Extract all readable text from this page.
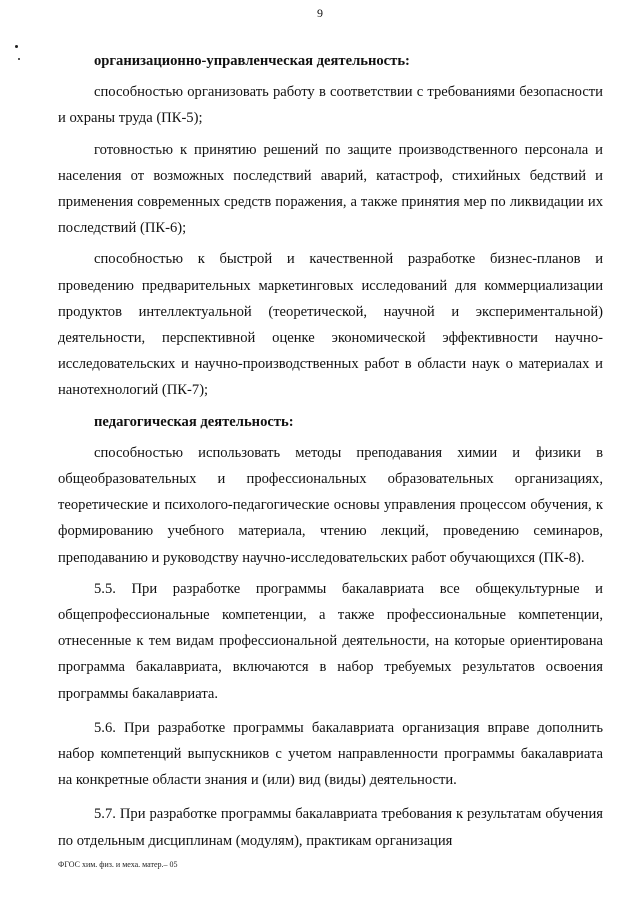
9

организационно-управленческая деятельность:

способностью организовать работу в соответствии с требованиями безопасности и охраны труда (ПК-5);

готовностью к принятию решений по защите производственного персонала и населения от возможных последствий аварий, катастроф, стихийных бедствий и применения современных средств поражения, а также принятия мер по ликвидации их последствий (ПК-6);

способностью к быстрой и качественной разработке бизнес-планов и проведению предварительных маркетинговых исследований для коммерциализации продуктов интеллектуальной (теоретической, научной и экспериментальной) деятельности, перспективной оценке экономической эффективности научно-исследовательских и научно-производственных работ в области наук о материалах и нанотехнологий (ПК-7);

педагогическая деятельность:

способностью использовать методы преподавания химии и физики в общеобразовательных и профессиональных образовательных организациях, теоретические и психолого-педагогические основы управления процессом обучения, к формированию учебного материала, чтению лекций, проведению семинаров, преподаванию и руководству научно-исследовательских работ обучающихся (ПК-8).

5.5. При разработке программы бакалавриата все общекультурные и общепрофессиональные компетенции, а также профессиональные компетенции, отнесенные к тем видам профессиональной деятельности, на которые ориентирована программа бакалавриата, включаются в набор требуемых результатов освоения программы бакалавриата.

5.6. При разработке программы бакалавриата организация вправе дополнить набор компетенций выпускников с учетом направленности программы бакалавриата на конкретные области знания и (или) вид (виды) деятельности.

5.7. При разработке программы бакалавриата требования к результатам обучения по отдельным дисциплинам (модулям), практикам организация

ФГОС хим. физ. и меха. матер.– 05
